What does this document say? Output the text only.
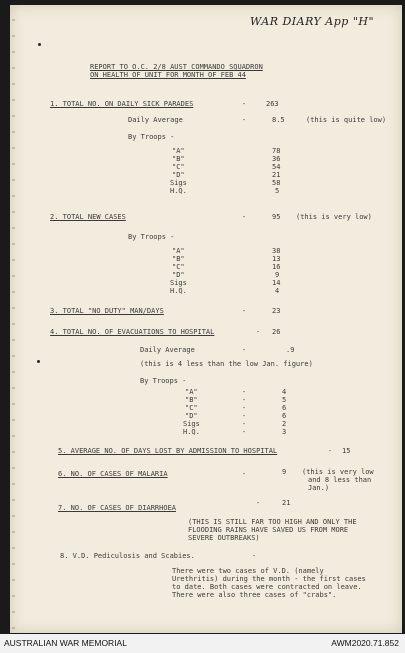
WAR DIARY App "H"
REPORT TO O.C. 2/8 AUST COMMANDO SQUADRON
ON HEALTH OF UNIT FOR MONTH OF FEB 44
1. TOTAL NO. ON DAILY SICK PARADES	-	263
Daily Average	-	8.5	(this is quite low)
By Troops -
"A"	78
"B"	36
"C"	54
"D"	21
Sigs	58
H.Q.	5
2. TOTAL NEW CASES	-	95 (this is very low)
By Troops -
"A"	38
"B"	13
"C"	16
"D"	9
Sigs	14
H.Q.	4
3. TOTAL "NO DUTY" MAN/DAYS	-	23
4. TOTAL NO. OF EVACUATIONS TO HOSPITAL	- 26
Daily Average	-	.9
(this is 4 less than the low Jan. figure)
By Troops -
"A"	-	4
"B"	-	5
"C"	-	6
"D"	-	6
Sigs	-	2
H.Q.	-	3
5. AVERAGE NO. OF DAYS LOST BY ADMISSION TO HOSPITAL	- 15
6. NO. OF CASES OF MALARIA	-	9 (this is very low
and 8 less than
Jan.)
7. NO. OF CASES OF DIARRHOEA
-	21
(THIS IS STILL FAR TOO HIGH AND ONLY THE
FLOODING RAINS HAVE SAVED US FROM MORE
SEVERE OUTBREAKS)
8. V.D. Pediculosis and Scabies.	-
There were two cases of V.D. (namely
Urethritis) during the month - the first cases
to date. Both cases were contracted on leave.
There were also three cases of "crabs".
AUSTRALIAN WAR MEMORIAL	AWM2020.71.852
